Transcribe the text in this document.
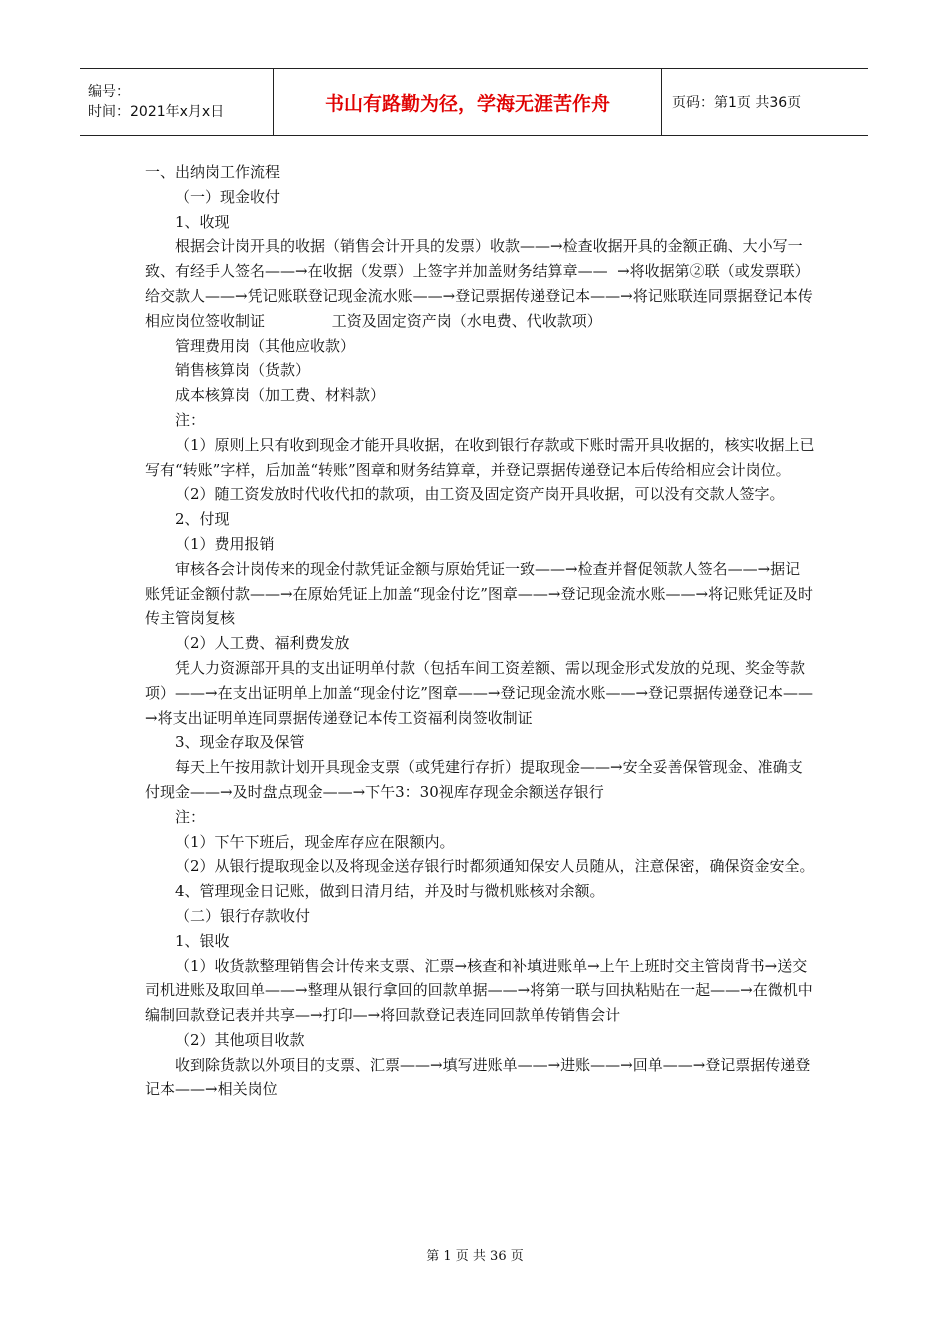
编号：
时间：2021年x月x日	书山有路勤为径，学海无涯苦作舟	页码：第1页 共36页

一、出纳岗工作流程

（一）现金收付

1、收现

根据会计岗开具的收据（销售会计开具的发票）收款——→检查收据开具的金额正确、大小写一致、有经手人签名——→在收据（发票）上签字并加盖财务结算章——  →将收据第②联（或发票联）给交款人——→凭记账联登记现金流水账——→登记票据传递登记本——→将记账联连同票据登记本传相应岗位签收制证              工资及固定资产岗（水电费、代收款项）

管理费用岗（其他应收款）

销售核算岗（货款）

成本核算岗（加工费、材料款）

注：

（1）原则上只有收到现金才能开具收据，在收到银行存款或下账时需开具收据的，核实收据上已写有“转账”字样，后加盖“转账”图章和财务结算章，并登记票据传递登记本后传给相应会计岗位。

（2）随工资发放时代收代扣的款项，由工资及固定资产岗开具收据，可以没有交款人签字。

2、付现

（1）费用报销

审核各会计岗传来的现金付款凭证金额与原始凭证一致——→检查并督促领款人签名——→据记账凭证金额付款——→在原始凭证上加盖“现金付讫”图章——→登记现金流水账——→将记账凭证及时传主管岗复核

（2）人工费、福利费发放

凭人力资源部开具的支出证明单付款（包括车间工资差额、需以现金形式发放的兑现、奖金等款项）——→在支出证明单上加盖“现金付讫”图章——→登记现金流水账——→登记票据传递登记本——→将支出证明单连同票据传递登记本传工资福利岗签收制证

3、现金存取及保管

每天上午按用款计划开具现金支票（或凭建行存折）提取现金——→安全妥善保管现金、准确支付现金——→及时盘点现金——→下午3：30视库存现金余额送存银行

注：

（1）下午下班后，现金库存应在限额内。

（2）从银行提取现金以及将现金送存银行时都须通知保安人员随从，注意保密，确保资金安全。

4、管理现金日记账，做到日清月结，并及时与微机账核对余额。

（二）银行存款收付

1、银收

（1）收货款整理销售会计传来支票、汇票→核查和补填进账单→上午上班时交主管岗背书→送交司机进账及取回单——→整理从银行拿回的回款单据——→将第一联与回执粘贴在一起——→在微机中编制回款登记表并共享—→打印—→将回款登记表连同回款单传销售会计

（2）其他项目收款

收到除货款以外项目的支票、汇票——→填写进账单——→进账——→回单——→登记票据传递登记本——→相关岗位

第 1 页 共 36 页
